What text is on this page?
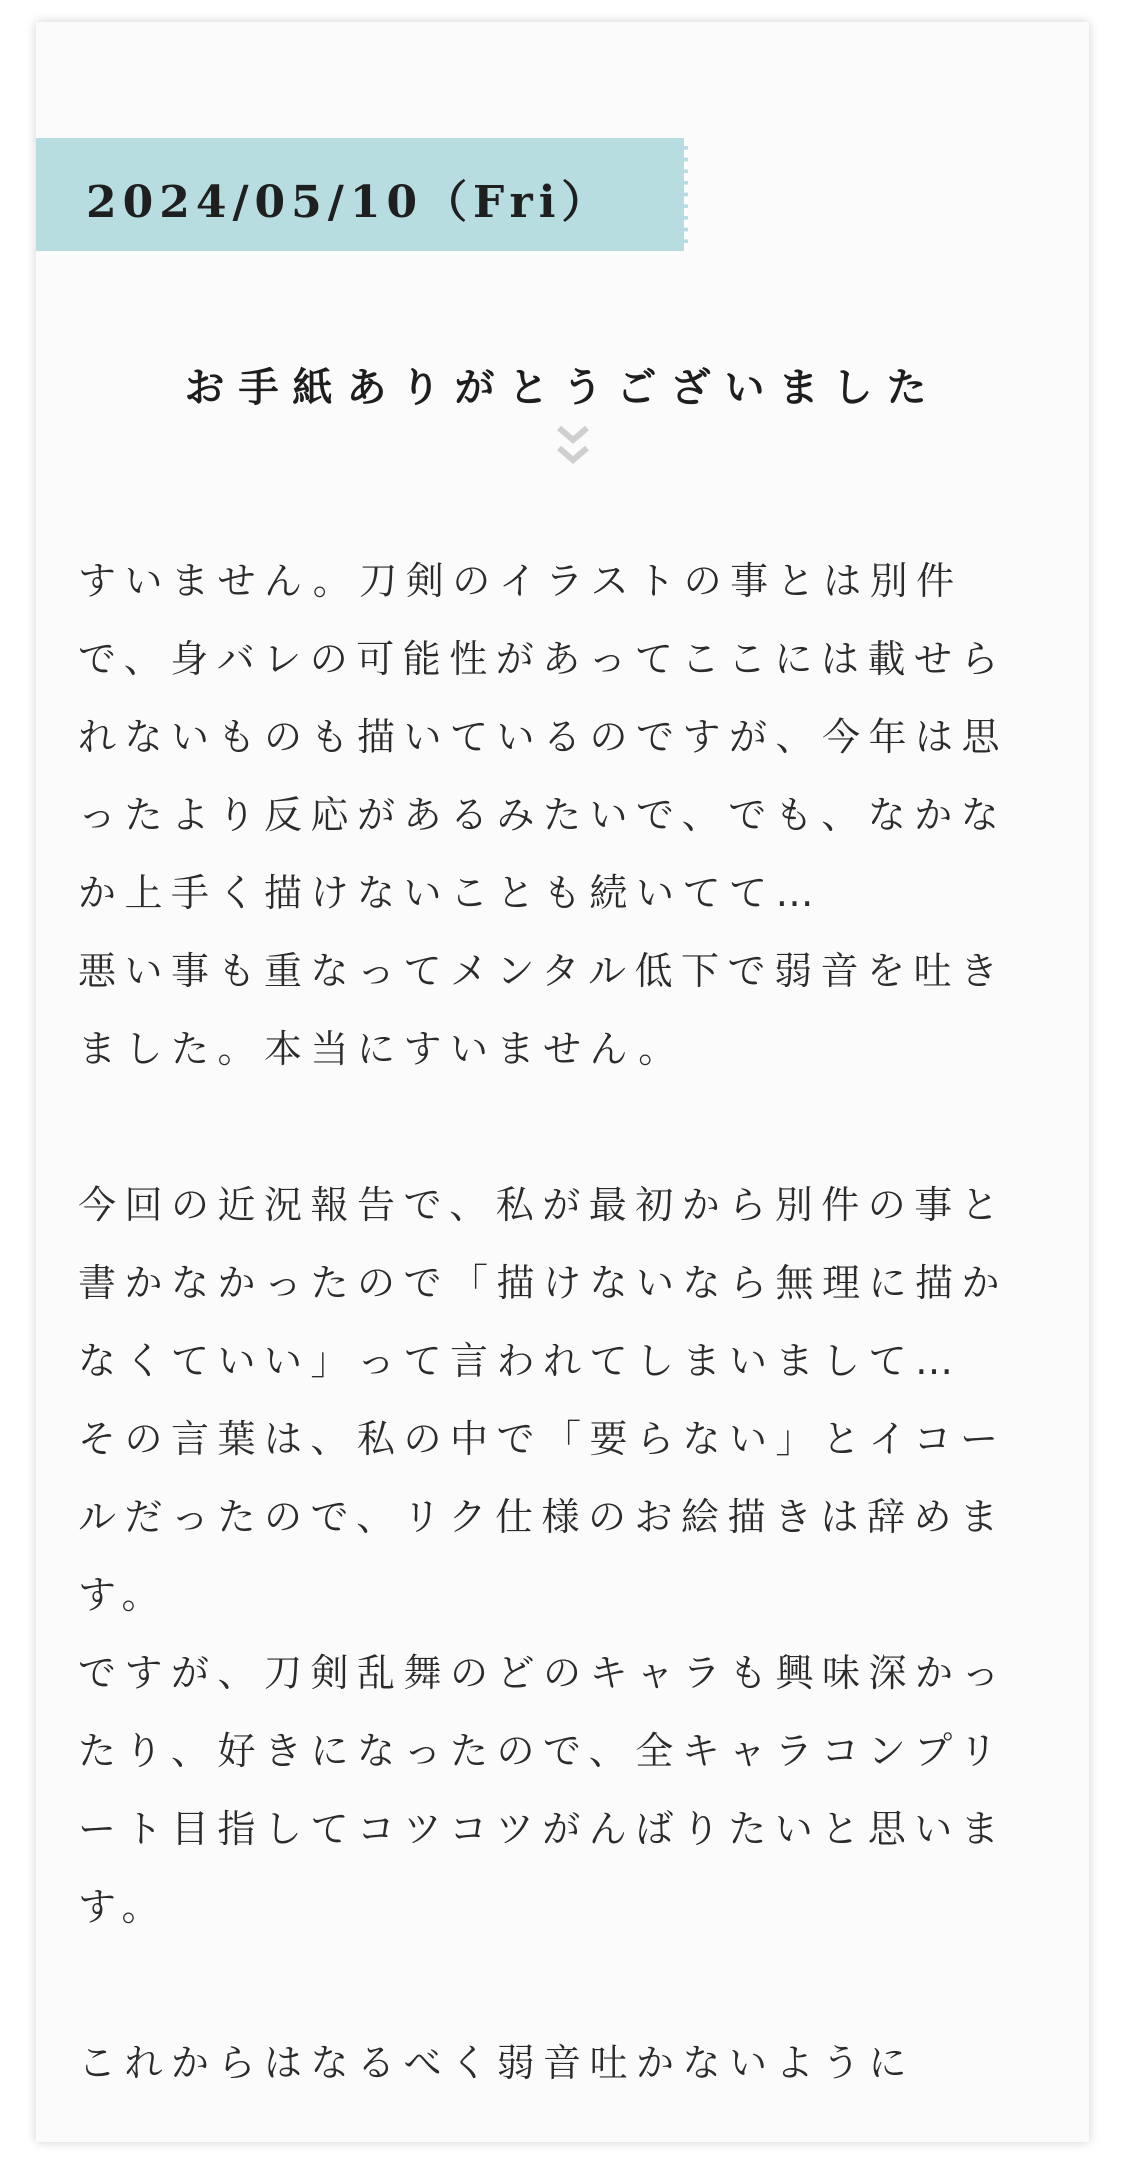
2024/05/10（Fri）
お手紙ありがとうございました
すいません。刀剣のイラストの事とは別件
で、身バレの可能性があってここには載せら
れないものも描いているのですが、今年は思
ったより反応があるみたいで、でも、なかな
か上手く描けないことも続いてて…
悪い事も重なってメンタル低下で弱音を吐き
ました。本当にすいません。
今回の近況報告で、私が最初から別件の事と
書かなかったので「描けないなら無理に描か
なくていい」って言われてしまいまして…
その言葉は、私の中で「要らない」とイコー
ルだったので、リク仕様のお絵描きは辞めま
す。
ですが、刀剣乱舞のどのキャラも興味深かっ
たり、好きになったので、全キャラコンプリ
ート目指してコツコツがんばりたいと思いま
す。
これからはなるべく弱音吐かないように
